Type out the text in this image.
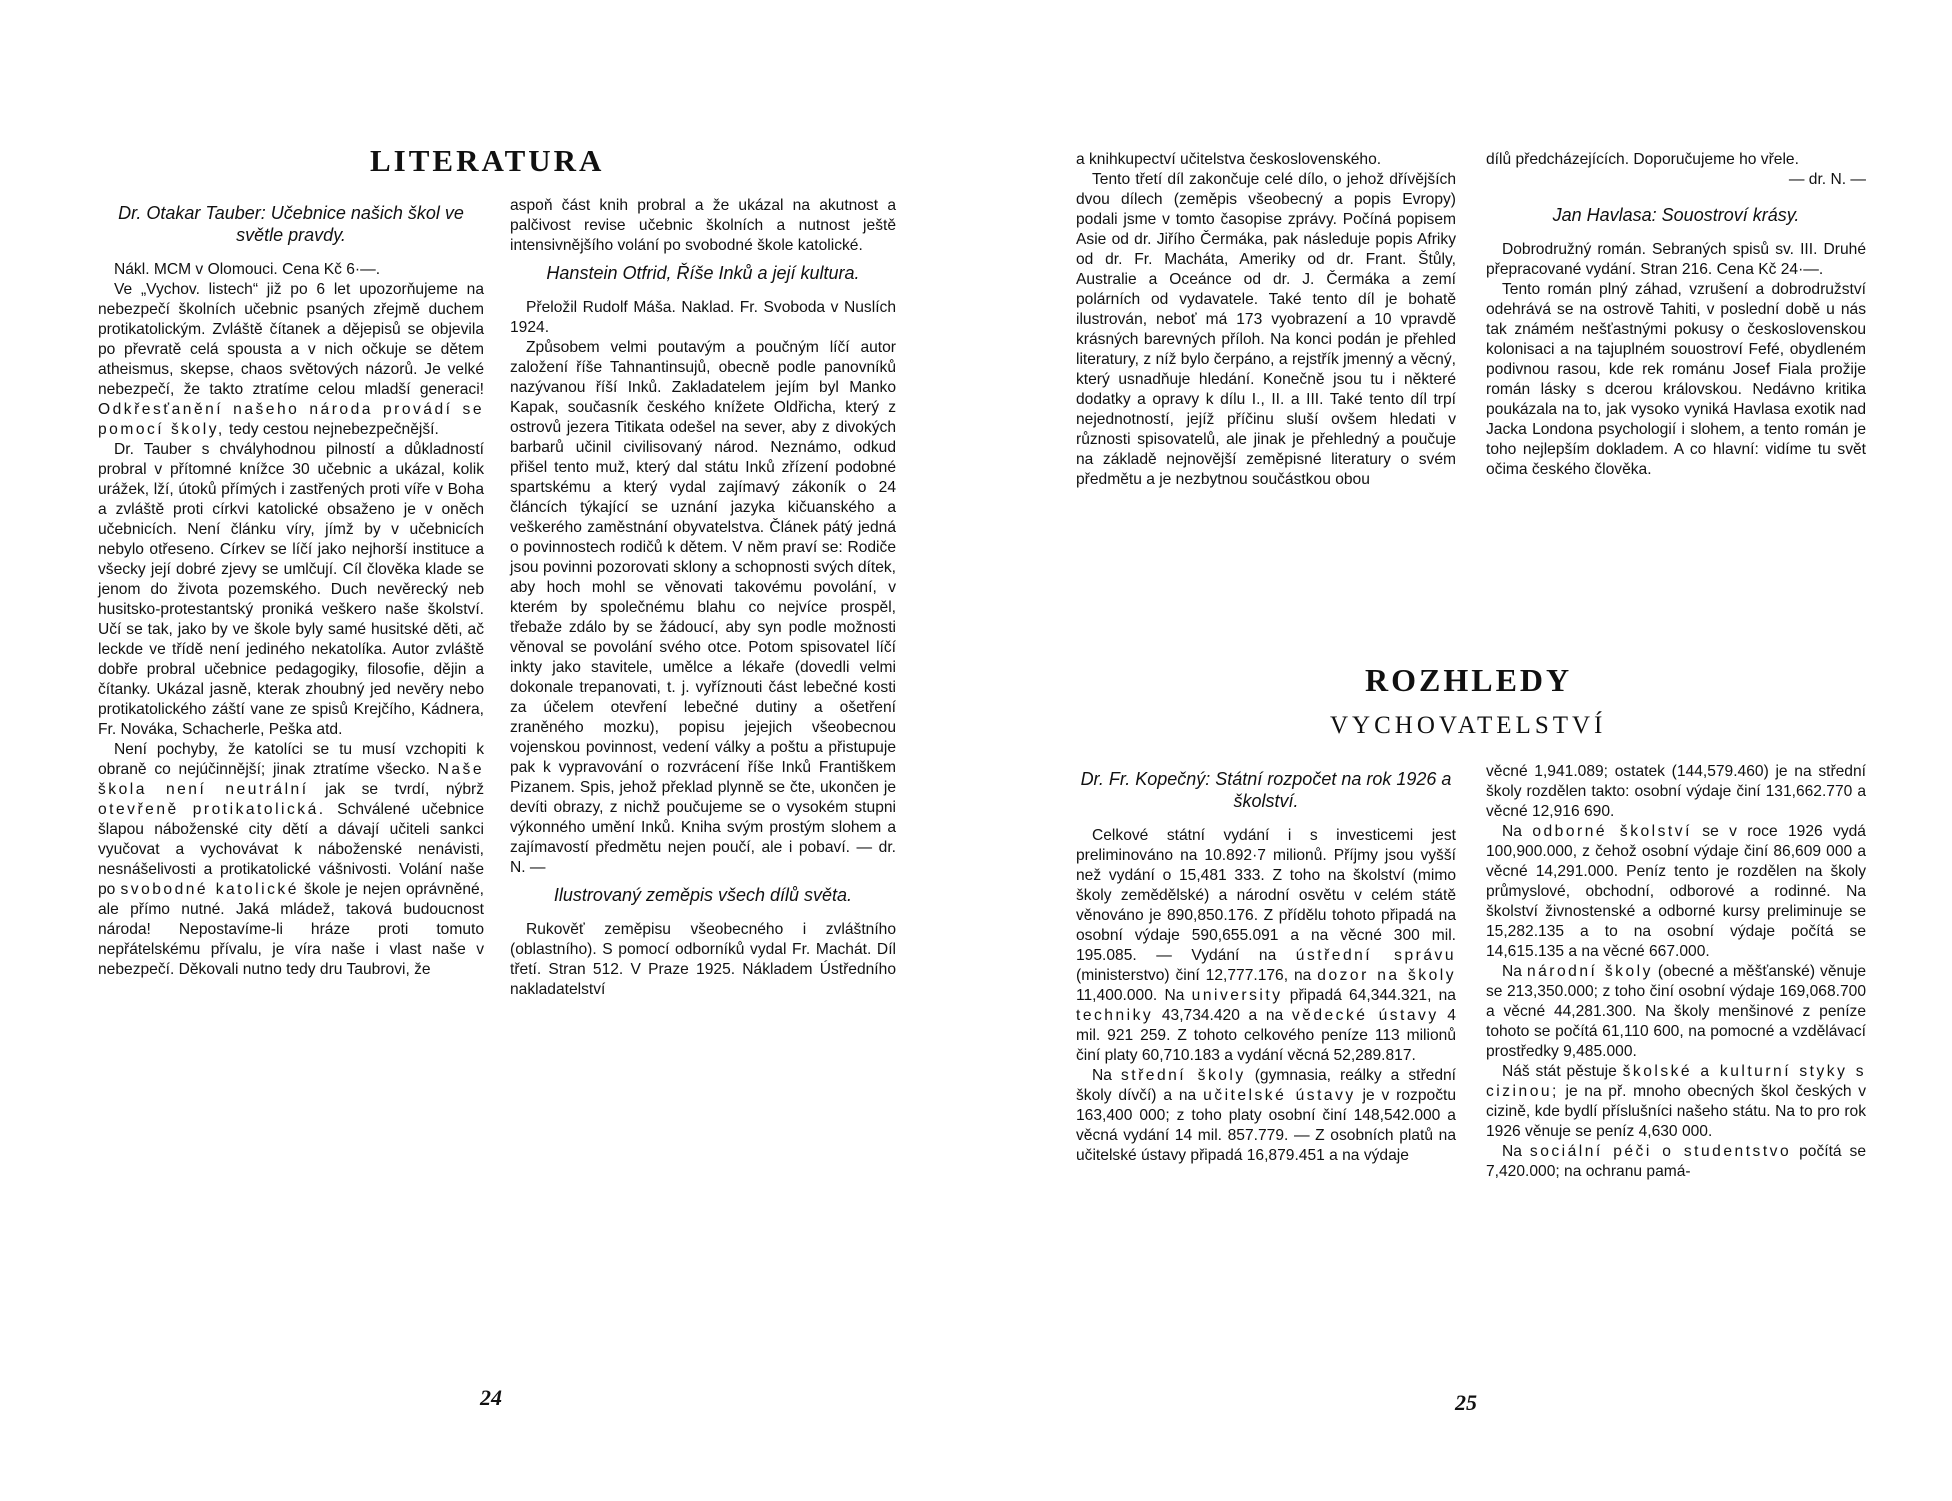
LITERATURA

Dr. Otakar Tauber: Učebnice našich škol ve světle pravdy.

Nákl. MCM v Olomouci. Cena Kč 6·—.

Ve „Vychov. listech“ již po 6 let upozorňujeme na nebezpečí školních učebnic psaných zřejmě duchem protikatolickým. Zvláště čítanek a dějepisů se objevila po převratě celá spousta a v nich očkuje se dětem atheismus, skepse, chaos světových názorů. Je velké nebezpečí, že takto ztratíme celou mladší generaci! Odkřesťanění našeho národa provádí se pomocí školy, tedy cestou nejnebezpečnější.

Dr. Tauber s chvályhodnou pilností a důkladností probral v přítomné knížce 30 učebnic a ukázal, kolik urážek, lží, útoků přímých i zastřených proti víře v Boha a zvláště proti církvi katolické obsaženo je v oněch učebnicích. Není článku víry, jímž by v učebnicích nebylo otřeseno. Církev se líčí jako nejhorší instituce a všecky její dobré zjevy se umlčují. Cíl člověka klade se jenom do života pozemského. Duch nevěrecký neb husitsko-protestantský proniká veškero naše školství. Učí se tak, jako by ve škole byly samé husitské děti, ač leckde ve třídě není jediného nekatolíka. Autor zvláště dobře probral učebnice pedagogiky, filosofie, dějin a čítanky. Ukázal jasně, kterak zhoubný jed nevěry nebo protikatolického záští vane ze spisů Krejčího, Kádnera, Fr. Nováka, Schacherle, Peška atd.

Není pochyby, že katolíci se tu musí vzchopiti k obraně co nejúčinnější; jinak ztratíme všecko. Naše škola není neutrální jak se tvrdí, nýbrž otevřeně protikatolická. Schválené učebnice šlapou náboženské city dětí a dávají učiteli sankci vyučovat a vychovávat k náboženské nenávisti, nesnášelivosti a protikatolické vášnivosti. Volání naše po svobodné katolické škole je nejen oprávněné, ale přímo nutné. Jaká mládež, taková budoucnost národa! Nepostavíme-li hráze proti tomuto nepřátelskému přívalu, je víra naše i vlast naše v nebezpečí. Děkovali nutno tedy dru Taubrovi, že

aspoň část knih probral a že ukázal na akutnost a palčivost revise učebnic školních a nutnost ještě intensivnějšího volání po svobodné škole katolické.

Hanstein Otfrid, Říše Inků a její kultura.

Přeložil Rudolf Máša. Naklad. Fr. Svoboda v Nuslích 1924.

Způsobem velmi poutavým a poučným líčí autor založení říše Tahnantinsujů, obecně podle panovníků nazývanou říší Inků. Zakladatelem jejím byl Manko Kapak, současník českého knížete Oldřicha, který z ostrovů jezera Titikata odešel na sever, aby z divokých barbarů učinil civilisovaný národ. Neznámo, odkud přišel tento muž, který dal státu Inků zřízení podobné spartskému a který vydal zajímavý zákoník o 24 článcích týkající se uznání jazyka kičuanského a veškerého zaměstnání obyvatelstva. Článek pátý jedná o povinnostech rodičů k dětem. V něm praví se: Rodiče jsou povinni pozorovati sklony a schopnosti svých dítek, aby hoch mohl se věnovati takovému povolání, v kterém by společnému blahu co nejvíce prospěl, třebaže zdálo by se žádoucí, aby syn podle možnosti věnoval se povolání svého otce. Potom spisovatel líčí inkty jako stavitele, umělce a lékaře (dovedli velmi dokonale trepanovati, t. j. vyříznouti část lebečné kosti za účelem otevření lebečné dutiny a ošetření zraněného mozku), popisu jejejich všeobecnou vojenskou povinnost, vedení války a poštu a přistupuje pak k vypravování o rozvrácení říše Inků Františkem Pizanem. Spis, jehož překlad plynně se čte, ukončen je devíti obrazy, z nichž poučujeme se o vysokém stupni výkonného umění Inků. Kniha svým prostým slohem a zajímavostí předmětu nejen poučí, ale i pobaví. — dr. N. —

Ilustrovaný zeměpis všech dílů světa.

Rukověť zeměpisu všeobecného i zvláštního (oblastního). S pomocí odborníků vydal Fr. Machát. Díl třetí. Stran 512. V Praze 1925. Nákladem Ústředního nakladatelství

24

a knihkupectví učitelstva československého.

Tento třetí díl zakončuje celé dílo, o jehož dřívějších dvou dílech (zeměpis všeobecný a popis Evropy) podali jsme v tomto časopise zprávy. Počíná popisem Asie od dr. Jiřího Čermáka, pak následuje popis Afriky od dr. Fr. Macháta, Ameriky od dr. Frant. Štůly, Australie a Oceánce od dr. J. Čermáka a zemí polárních od vydavatele. Také tento díl je bohatě ilustrován, neboť má 173 vyobrazení a 10 vpravdě krásných barevných příloh. Na konci podán je přehled literatury, z níž bylo čerpáno, a rejstřík jmenný a věcný, který usnadňuje hledání. Konečně jsou tu i některé dodatky a opravy k dílu I., II. a III. Také tento díl trpí nejednotností, jejíž příčinu sluší ovšem hledati v různosti spisovatelů, ale jinak je přehledný a poučuje na základě nejnovější zeměpisné literatury o svém předmětu a je nezbytnou součástkou obou

dílů předcházejících. Doporučujeme ho vřele.

— dr. N. —

Jan Havlasa: Souostroví krásy.

Dobrodružný román. Sebraných spisů sv. III. Druhé přepracované vydání. Stran 216. Cena Kč 24·—.

Tento román plný záhad, vzrušení a dobrodružství odehrává se na ostrově Tahiti, v poslední době u nás tak známém nešťastnými pokusy o československou kolonisaci a na tajuplném souostroví Fefé, obydleném podivnou rasou, kde rek románu Josef Fiala prožije román lásky s dcerou královskou. Nedávno kritika poukázala na to, jak vysoko vyniká Havlasa exotik nad Jacka Londona psychologií i slohem, a tento román je toho nejlepším dokladem. A co hlavní: vidíme tu svět očima českého člověka.

ROZHLEDY
VYCHOVATELSTVÍ

Dr. Fr. Kopečný: Státní rozpočet na rok 1926 a školství.

Celkové státní vydání i s investicemi jest preliminováno na 10.892·7 milionů. Příjmy jsou vyšší než vydání o 15,481 333. Z toho na školství (mimo školy zemědělské) a národní osvětu v celém státě věnováno je 890,850.176. Z přídělu tohoto připadá na osobní výdaje 590,655.091 a na věcné 300 mil. 195.085. — Vydání na ústřední správu (ministerstvo) činí 12,777.176, na dozor na školy 11,400.000. Na university připadá 64,344.321, na techniky 43,734.420 a na vědecké ústavy 4 mil. 921 259. Z tohoto celkového peníze 113 milionů činí platy 60,710.183 a vydání věcná 52,289.817.

Na střední školy (gymnasia, reálky a střední školy dívčí) a na učitelské ústavy je v rozpočtu 163,400 000; z toho platy osobní činí 148,542.000 a věcná vydání 14 mil. 857.779. — Z osobních platů na učitelské ústavy připadá 16,879.451 a na výdaje

věcné 1,941.089; ostatek (144,579.460) je na střední školy rozdělen takto: osobní výdaje činí 131,662.770 a věcné 12,916 690.

Na odborné školství se v roce 1926 vydá 100,900.000, z čehož osobní výdaje činí 86,609 000 a věcné 14,291.000. Peníz tento je rozdělen na školy průmyslové, obchodní, odborové a rodinné. Na školství živnostenské a odborné kursy preliminuje se 15,282.135 a to na osobní výdaje počítá se 14,615.135 a na věcné 667.000.

Na národní školy (obecné a měšťanské) věnuje se 213,350.000; z toho činí osobní výdaje 169,068.700 a věcné 44,281.300. Na školy menšinové z peníze tohoto se počítá 61,110 600, na pomocné a vzdělávací prostředky 9,485.000.

Náš stát pěstuje školské a kulturní styky s cizinou; je na př. mnoho obecných škol českých v cizině, kde bydlí příslušníci našeho státu. Na to pro rok 1926 věnuje se peníz 4,630 000.

Na sociální péči o studentstvo počítá se 7,420.000; na ochranu pamá-

25
